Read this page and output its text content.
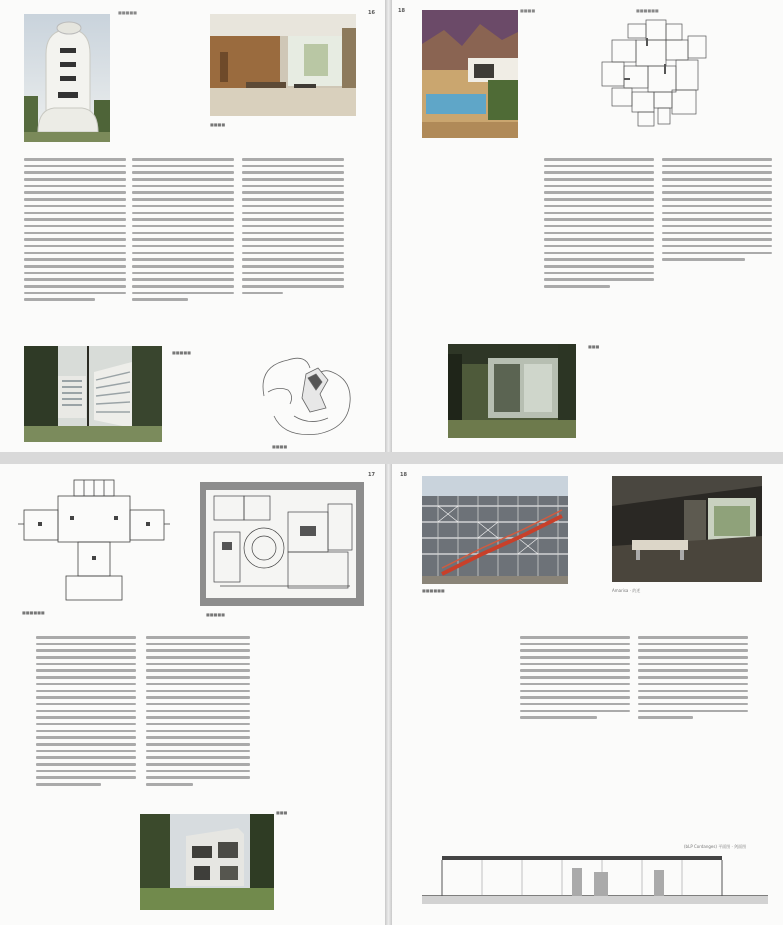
■■■■■	16
■■■■
■■■■■
■■■■
18	■■■■	■■■■■■
■■■
17
■■■■■■	■■■■■
■■■
18
■■■■■■	Amarisa · 约述
(bLP Cordanges) 平面图 · 剑面图
